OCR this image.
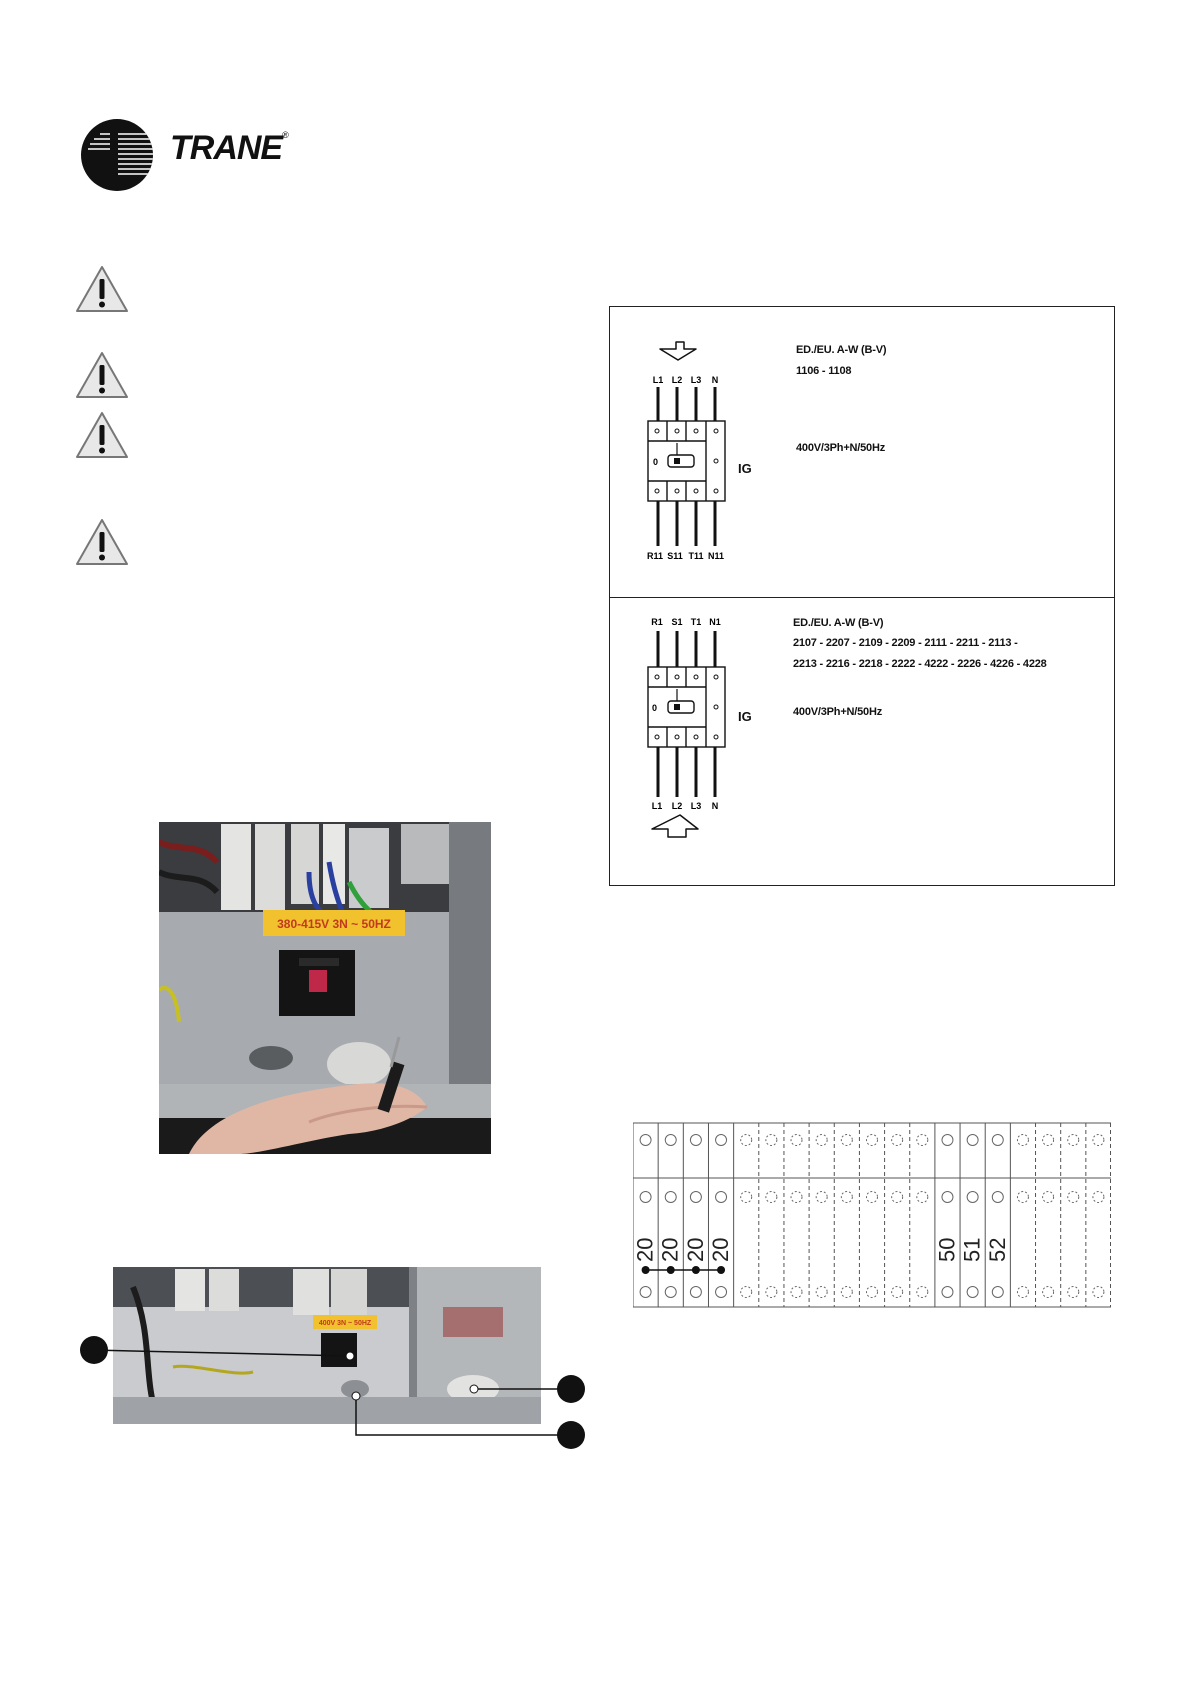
TRANE®
0
L1 L2 L3 N
R11 S11 T11 N11
IG
ED./EU. A-W (B-V)
1106 - 1108
400V/3Ph+N/50Hz
R1 S1 T1 N1
L1 L2 L3 N
0
IG
ED./EU. A-W (B-V)
2107 - 2207 - 2109 - 2209 - 2111 - 2211 - 2113 -
2213 - 2216 - 2218 - 2222 - 4222 - 2226 - 4226 - 4228
400V/3Ph+N/50Hz
380-415V 3N ~ 50HZ
400V 3N ~ 50HZ
20 20 20 20	50 51 52
